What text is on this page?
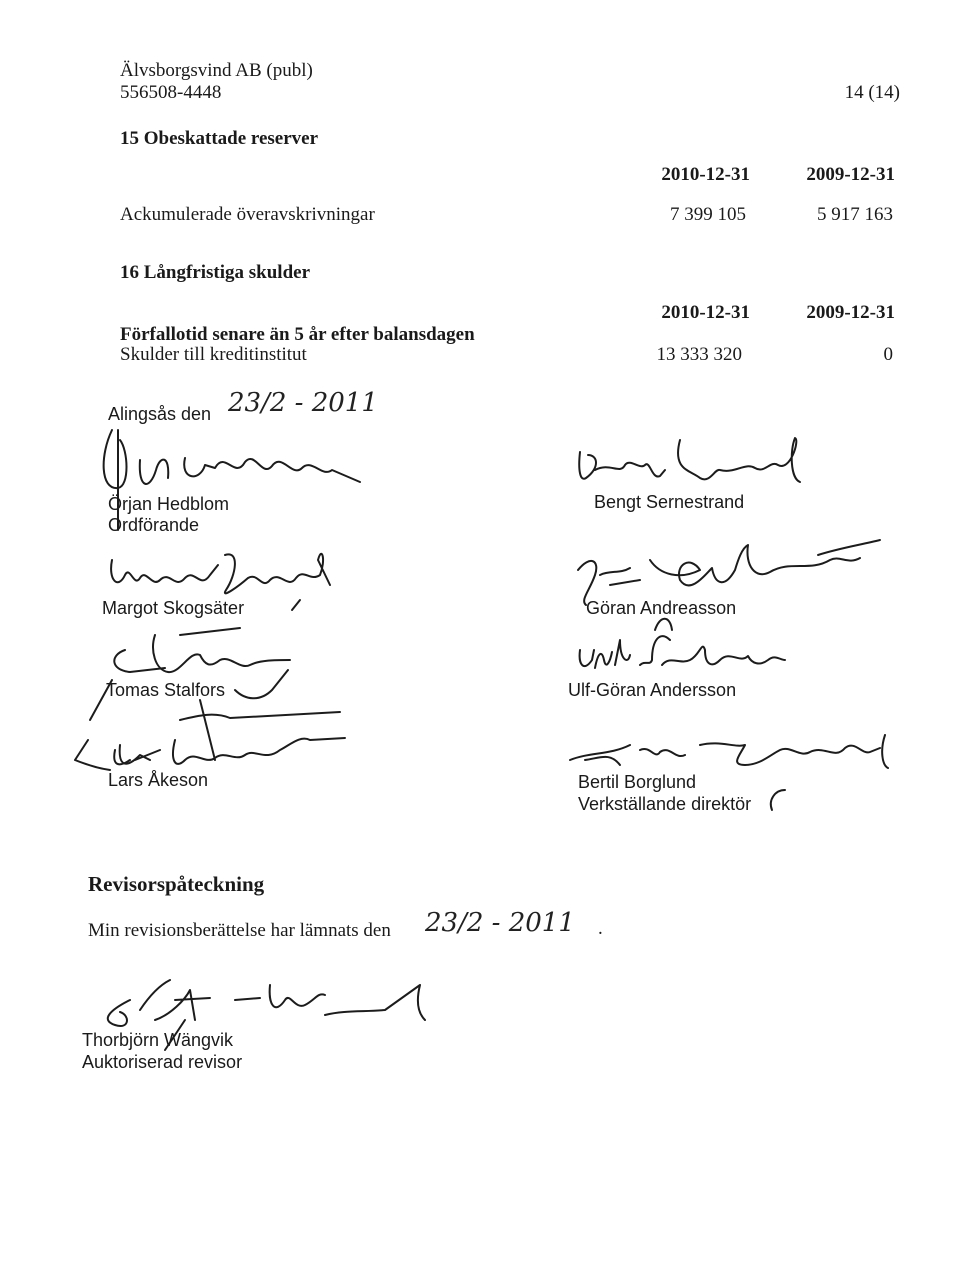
Älvsborgsvind AB (publ)
556508-4448	14 (14)
15 Obeskattade reserver
2010-12-31	2009-12-31
Ackumulerade överavskrivningar	7 399 105	5 917 163
16 Långfristiga skulder
2010-12-31	2009-12-31
Förfallotid senare än 5 år efter balansdagen
Skulder till kreditinstitut	13 333 320	0
Alingsås den 23/2 - 2011
Örjan Hedblom
Ordförande
Bengt Sernestrand
Margot Skogsäter	Göran Andreasson
Tomas Stalfors	Ulf-Göran Andersson
Lars Åkeson	Bertil Borglund
Verkställande direktör
Revisorspåteckning
Min revisionsberättelse har lämnats den 23/2 - 2011 .
Thorbjörn Wängvik
Auktoriserad revisor
